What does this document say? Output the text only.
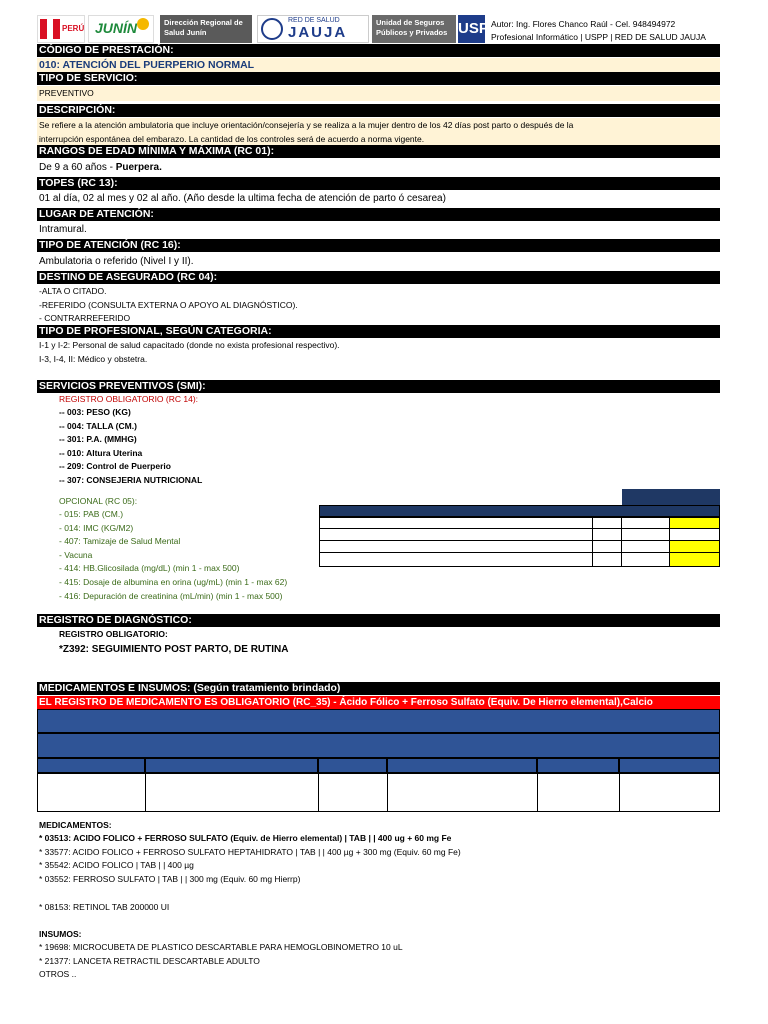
PERÚ JUNÍN	Dirección Regional de
Salud Junín
RED DE SALUD
JAUJA
Unidad de Seguros
Públicos y Privados USP Autor: Ing. Flores Chanco Raúl - Cel. 948494972
Profesional Informático | USPP | RED DE SALUD JAUJA
CÓDIGO DE PRESTACIÓN:
010: ATENCIÓN DEL PUERPERIO NORMAL
TIPO DE SERVICIO:
PREVENTIVO
DESCRIPCIÓN:
Se refiere a la atención ambulatoria que incluye orientación/consejería y se realiza a la mujer dentro de los 42 días post parto o después de la
interrupción espontánea del embarazo. La cantidad de los controles será de acuerdo a norma vigente.
RANGOS DE EDAD MÍNIMA Y MÁXIMA (RC 01):
De 9 a 60 años - Puerpera.
TOPES (RC 13):
01 al día, 02 al mes y 02 al año. (Año desde la ultima fecha de atención de parto ó cesarea)
LUGAR DE ATENCIÓN:
Intramural.
TIPO DE ATENCIÓN (RC 16):
Ambulatoria o referido (Nivel I y II).
DESTINO DE ASEGURADO (RC 04):
-ALTA O CITADO.
-REFERIDO (CONSULTA EXTERNA O APOYO AL DIAGNÓSTICO).
- CONTRARREFERIDO
TIPO DE PROFESIONAL, SEGÚN CATEGORIA:
I-1 y I-2: Personal de salud capacitado (donde no exista profesional respectivo).
I-3, I-4, II: Médico y obstetra.
SERVICIOS PREVENTIVOS (SMI):
REGISTRO OBLIGATORIO (RC 14):
-- 003: PESO (KG)
-- 004: TALLA (CM.)
-- 301: P.A. (MMHG)
-- 010: Altura Uterina
-- 209: Control de Puerperio
-- 307: CONSEJERIA NUTRICIONAL
OPCIONAL (RC 05):
- 015: PAB (CM.)
- 014: IMC (KG/M2)
- 407: Tamizaje de Salud Mental
- Vacuna
- 414: HB.Glicosilada (mg/dL) (min 1 - max 500)
- 415: Dosaje de albumina en orina (ug/mL) (min 1 - max 62)
- 416: Depuración de creatinina (mL/min) (min 1 - max 500)
REGISTRO DE DIAGNÓSTICO:
REGISTRO OBLIGATORIO:
*Z392: SEGUIMIENTO POST PARTO, DE RUTINA
MEDICAMENTOS E INSUMOS: (Según tratamiento brindado)
EL REGISTRO DE MEDICAMENTO ES OBLIGATORIO (RC_35) - Ácido Fólico + Ferroso Sulfato (Equiv. De Hierro elemental),Calcio
MEDICAMENTOS:
* 03513: ACIDO FOLICO + FERROSO SULFATO (Equiv. de Hierro elemental) | TAB | | 400 ug + 60 mg Fe
* 33577: ACIDO FOLICO + FERROSO SULFATO HEPTAHIDRATO | TAB | | 400 µg + 300 mg (Equiv. 60 mg Fe)
* 35542: ACIDO FOLICO | TAB | | 400 µg
* 03552: FERROSO SULFATO | TAB | | 300 mg (Equiv. 60 mg Hierrp)
* 08153: RETINOL TAB 200000 UI
INSUMOS:
* 19698: MICROCUBETA DE PLASTICO DESCARTABLE PARA HEMOGLOBINOMETRO 10 uL
* 21377: LANCETA RETRACTIL DESCARTABLE ADULTO
OTROS ..
